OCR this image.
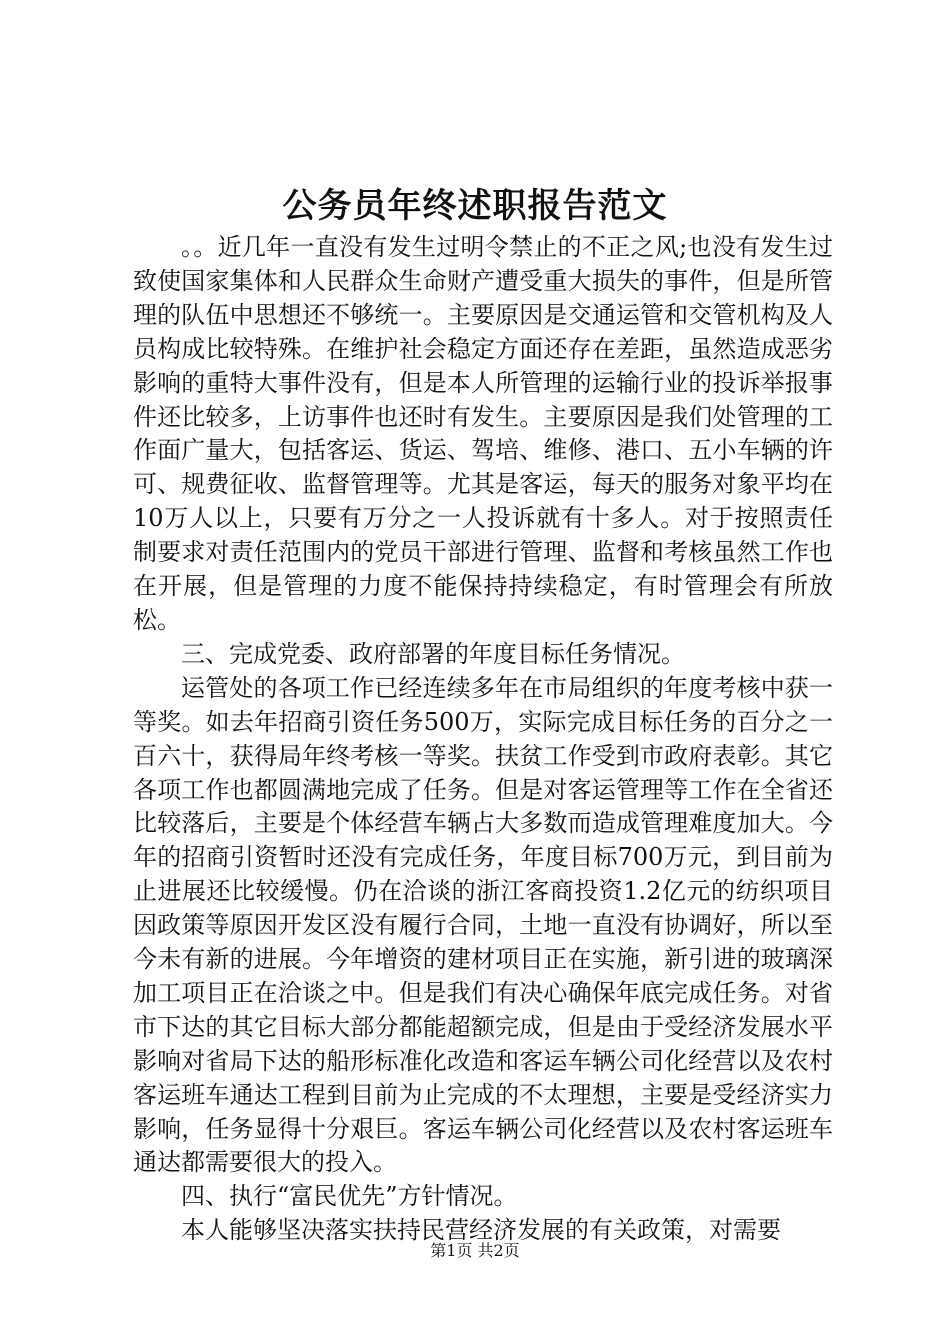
公务员年终述职报告范文

。。近几年一直没有发生过明令禁止的不正之风;也没有发生过致使国家集体和人民群众生命财产遭受重大损失的事件，但是所管理的队伍中思想还不够统一。主要原因是交通运管和交管机构及人员构成比较特殊。在维护社会稳定方面还存在差距，虽然造成恶劣影响的重特大事件没有，但是本人所管理的运输行业的投诉举报事件还比较多，上访事件也还时有发生。主要原因是我们处管理的工作面广量大，包括客运、货运、驾培、维修、港口、五小车辆的许可、规费征收、监督管理等。尤其是客运，每天的服务对象平均在10万人以上，只要有万分之一人投诉就有十多人。对于按照责任制要求对责任范围内的党员干部进行管理、监督和考核虽然工作也在开展，但是管理的力度不能保持持续稳定，有时管理会有所放松。

三、完成党委、政府部署的年度目标任务情况。

运管处的各项工作已经连续多年在市局组织的年度考核中获一等奖。如去年招商引资任务500万，实际完成目标任务的百分之一百六十，获得局年终考核一等奖。扶贫工作受到市政府表彰。其它各项工作也都圆满地完成了任务。但是对客运管理等工作在全省还比较落后，主要是个体经营车辆占大多数而造成管理难度加大。今年的招商引资暂时还没有完成任务，年度目标700万元，到目前为止进展还比较缓慢。仍在洽谈的浙江客商投资1.2亿元的纺织项目因政策等原因开发区没有履行合同，土地一直没有协调好，所以至今未有新的进展。今年增资的建材项目正在实施，新引进的玻璃深加工项目正在洽谈之中。但是我们有决心确保年底完成任务。对省市下达的其它目标大部分都能超额完成，但是由于受经济发展水平影响对省局下达的船形标准化改造和客运车辆公司化经营以及农村客运班车通达工程到目前为止完成的不太理想，主要是受经济实力影响，任务显得十分艰巨。客运车辆公司化经营以及农村客运班车通达都需要很大的投入。

四、执行“富民优先”方针情况。

本人能够坚决落实扶持民营经济发展的有关政策，对需要

第1页 共2页
